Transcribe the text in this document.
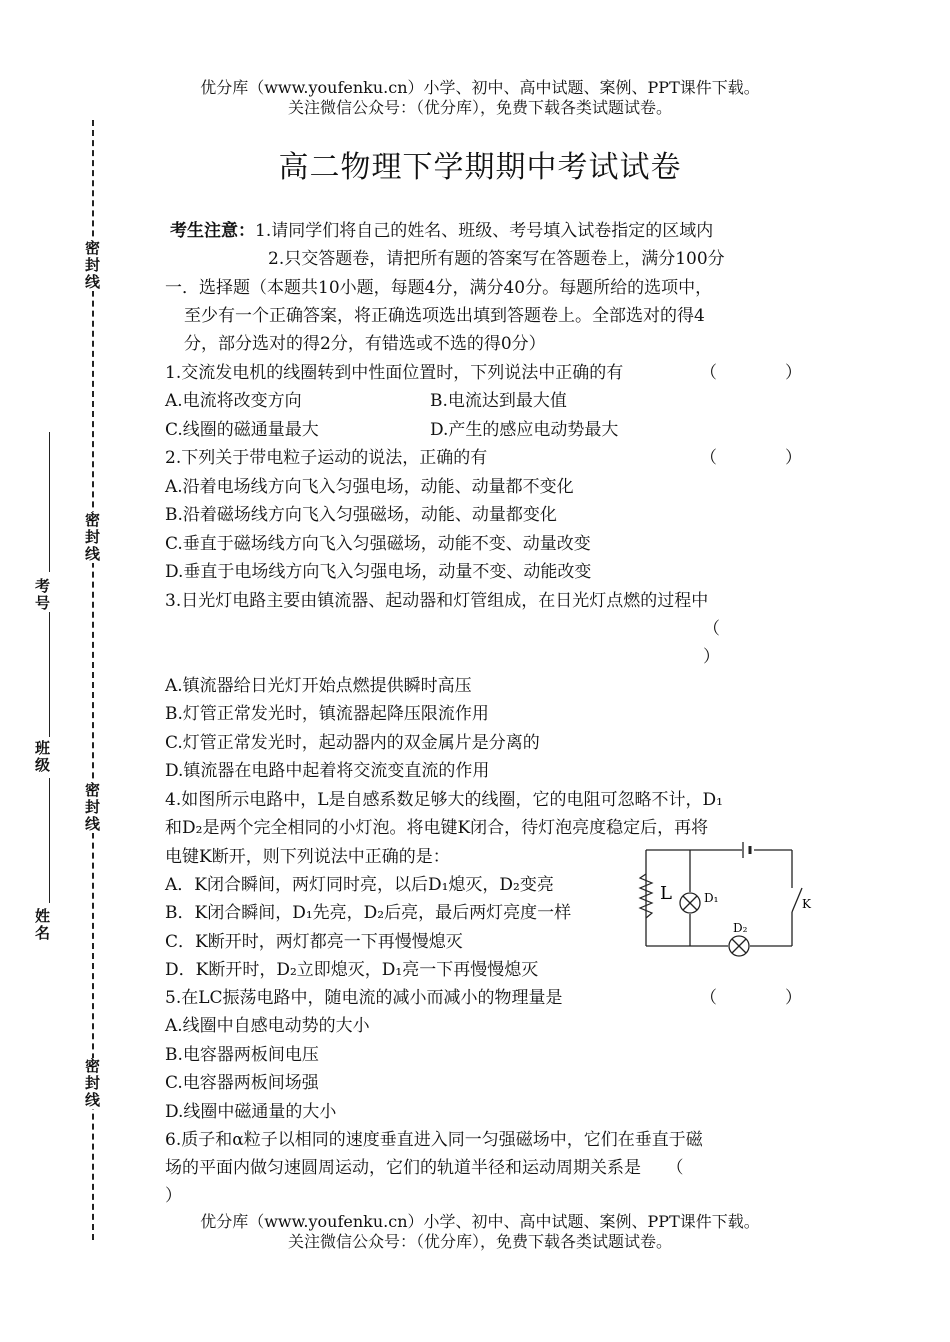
优分库（www.youfenku.cn）小学、初中、高中试题、案例、PPT课件下载。
关注微信公众号：（优分库），免费下载各类试题试卷。
密封线
密封线
密封线
密封线
考号
班级
姓名
高二物理下学期期中考试试卷
考生注意：1.请同学们将自己的姓名、班级、考号填入试卷指定的区域内
2.只交答题卷，请把所有题的答案写在答题卷上，满分100分
一．选择题（本题共10小题，每题4分，满分40分。每题所给的选项中，
至少有一个正确答案，将正确选项选出填到答题卷上。全部选对的得4
分，部分选对的得2分，有错选或不选的得0分）
1.交流发电机的线圈转到中性面位置时，下列说法中正确的有	（　　　　）
A.电流将改变方向	B.电流达到最大值
C.线圈的磁通量最大	D.产生的感应电动势最大
2.下列关于带电粒子运动的说法，正确的有	（　　　　）
A.沿着电场线方向飞入匀强电场，动能、动量都不变化
B.沿着磁场线方向飞入匀强磁场，动能、动量都变化
C.垂直于磁场线方向飞入匀强磁场，动能不变、动量改变
D.垂直于电场线方向飞入匀强电场，动量不变、动能改变
3.日光灯电路主要由镇流器、起动器和灯管组成，在日光灯点燃的过程中
（
）
A.镇流器给日光灯开始点燃提供瞬时高压
B.灯管正常发光时，镇流器起降压限流作用
C.灯管正常发光时，起动器内的双金属片是分离的
D.镇流器在电路中起着将交流变直流的作用
4.如图所示电路中，L是自感系数足够大的线圈，它的电阻可忽略不计，D₁
和D₂是两个完全相同的小灯泡。将电键K闭合，待灯泡亮度稳定后，再将
电键K断开，则下列说法中正确的是：
A．K闭合瞬间，两灯同时亮，以后D₁熄灭，D₂变亮
B．K闭合瞬间，D₁先亮，D₂后亮，最后两灯亮度一样
C．K断开时，两灯都亮一下再慢慢熄灭
D．K断开时，D₂立即熄灭，D₁亮一下再慢慢熄灭
L	D₁
D₂
K
5.在LC振荡电路中，随电流的减小而减小的物理量是	（　　　　）
A.线圈中自感电动势的大小
B.电容器两板间电压
C.电容器两板间场强
D.线圈中磁通量的大小
6.质子和α粒子以相同的速度垂直进入同一匀强磁场中，它们在垂直于磁
场的平面内做匀速圆周运动，它们的轨道半径和运动周期关系是　　（
）
优分库（www.youfenku.cn）小学、初中、高中试题、案例、PPT课件下载。
关注微信公众号：（优分库），免费下载各类试题试卷。
